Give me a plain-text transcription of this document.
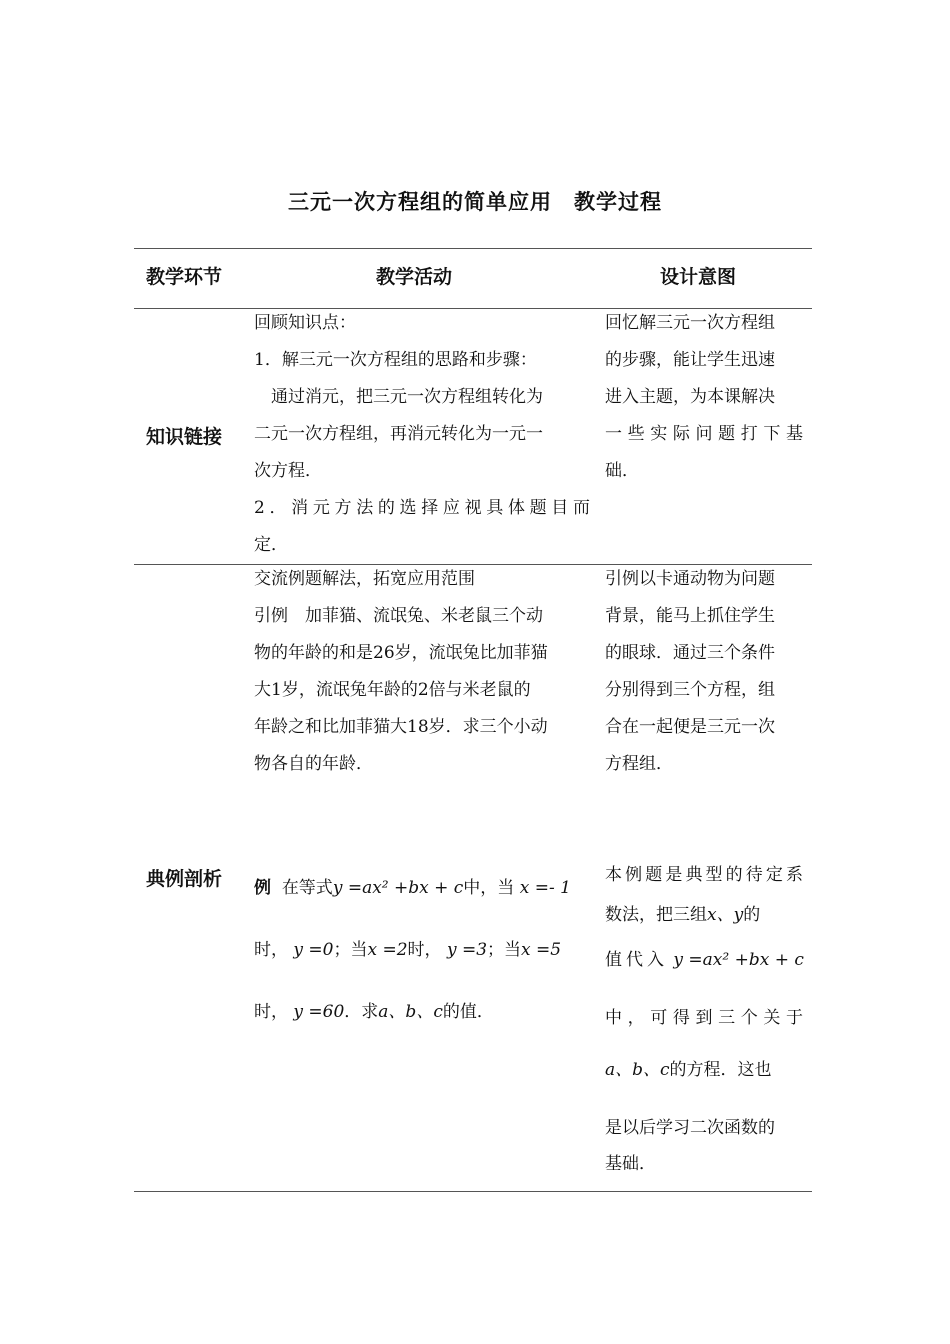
三元一次方程组的简单应用　教学过程
教学环节	教学活动	设计意图
知识链接
回顾知识点：
1．解三元一次方程组的思路和步骤：
　通过消元，把三元一次方程组转化为
二元一次方程组，再消元转化为一元一
次方程．
2．消元方法的选择应视具体题目而
定．
回忆解三元一次方程组
的步骤，能让学生迅速
进入主题，为本课解决
一些实际问题打下基
础．
典例剖析
交流例题解法，拓宽应用范围
引例　加菲猫、流氓兔、米老鼠三个动
物的年龄的和是26岁，流氓兔比加菲猫
大1岁，流氓兔年龄的2倍与米老鼠的
年龄之和比加菲猫大18岁．求三个小动
物各自的年龄．
引例以卡通动物为问题
背景，能马上抓住学生
的眼球．通过三个条件
分别得到三个方程，组
合在一起便是三元一次
方程组．
例 在等式y =ax² +bx + c中，当 x =- 1
时， y =0；当x =2时， y =3；当x =5
时， y =60．求a、b、c的值．
本例题是典型的待定系
数法，把三组x、y的
值代入 y =ax² +bx + c
中，可得到三个关于
a、b、c的方程．这也
是以后学习二次函数的
基础．
